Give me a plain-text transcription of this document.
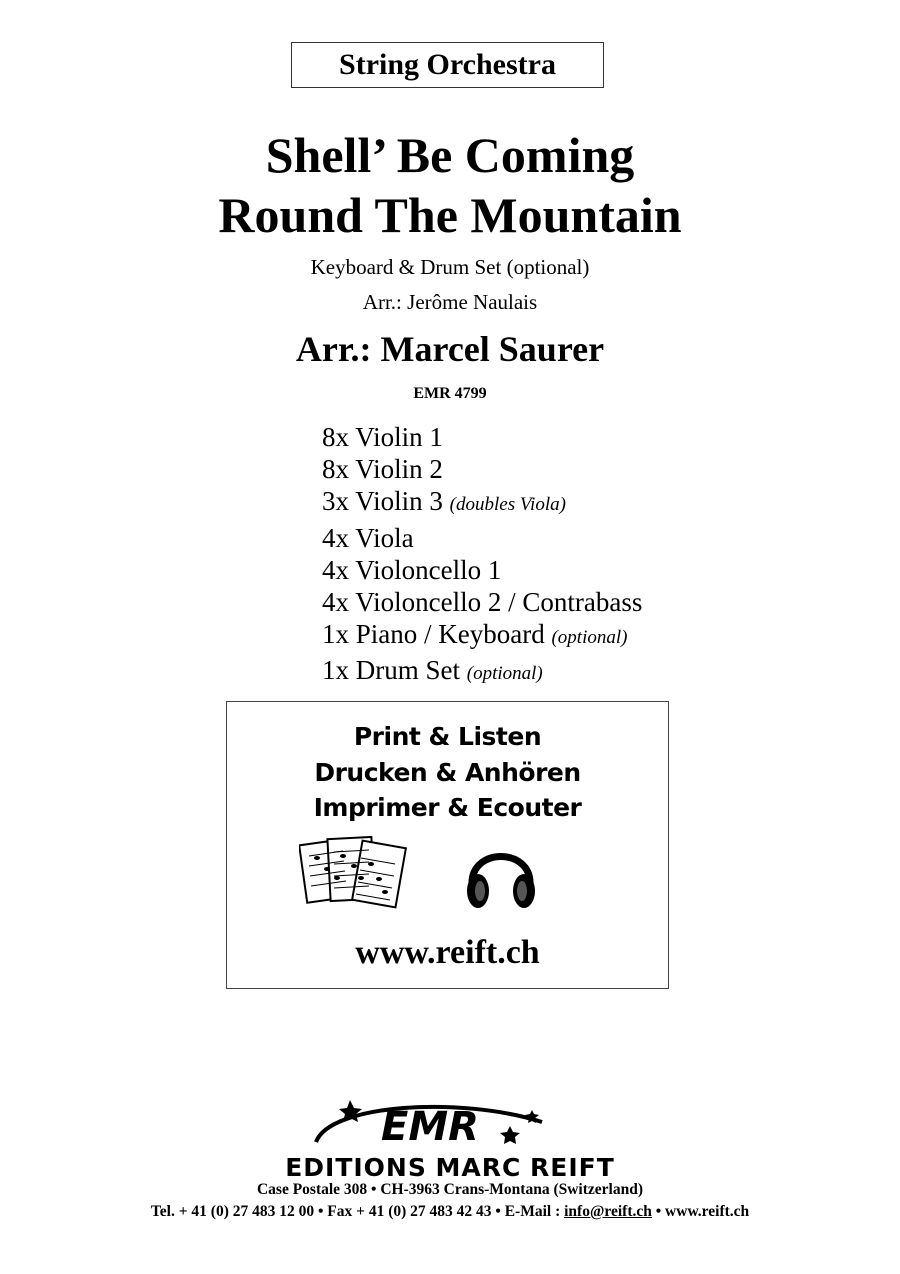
String Orchestra
Shell’ Be Coming
Round The Mountain
Keyboard & Drum Set (optional)
Arr.: Jerôme Naulais
Arr.: Marcel Saurer
EMR 4799
8x Violin 1
8x Violin 2
3x Violin 3 (doubles Viola)
4x Viola
4x Violoncello 1
4x Violoncello 2 / Contrabass
1x Piano / Keyboard (optional)
1x Drum Set (optional)
Print & Listen
Drucken & Anhören
Imprimer & Ecouter
www.reift.ch
EMR
EDITIONS MARC REIFT
Case Postale 308 • CH-3963 Crans-Montana (Switzerland)
Tel. + 41 (0) 27 483 12 00 • Fax + 41 (0) 27 483 42 43 • E-Mail : info@reift.ch • www.reift.ch
